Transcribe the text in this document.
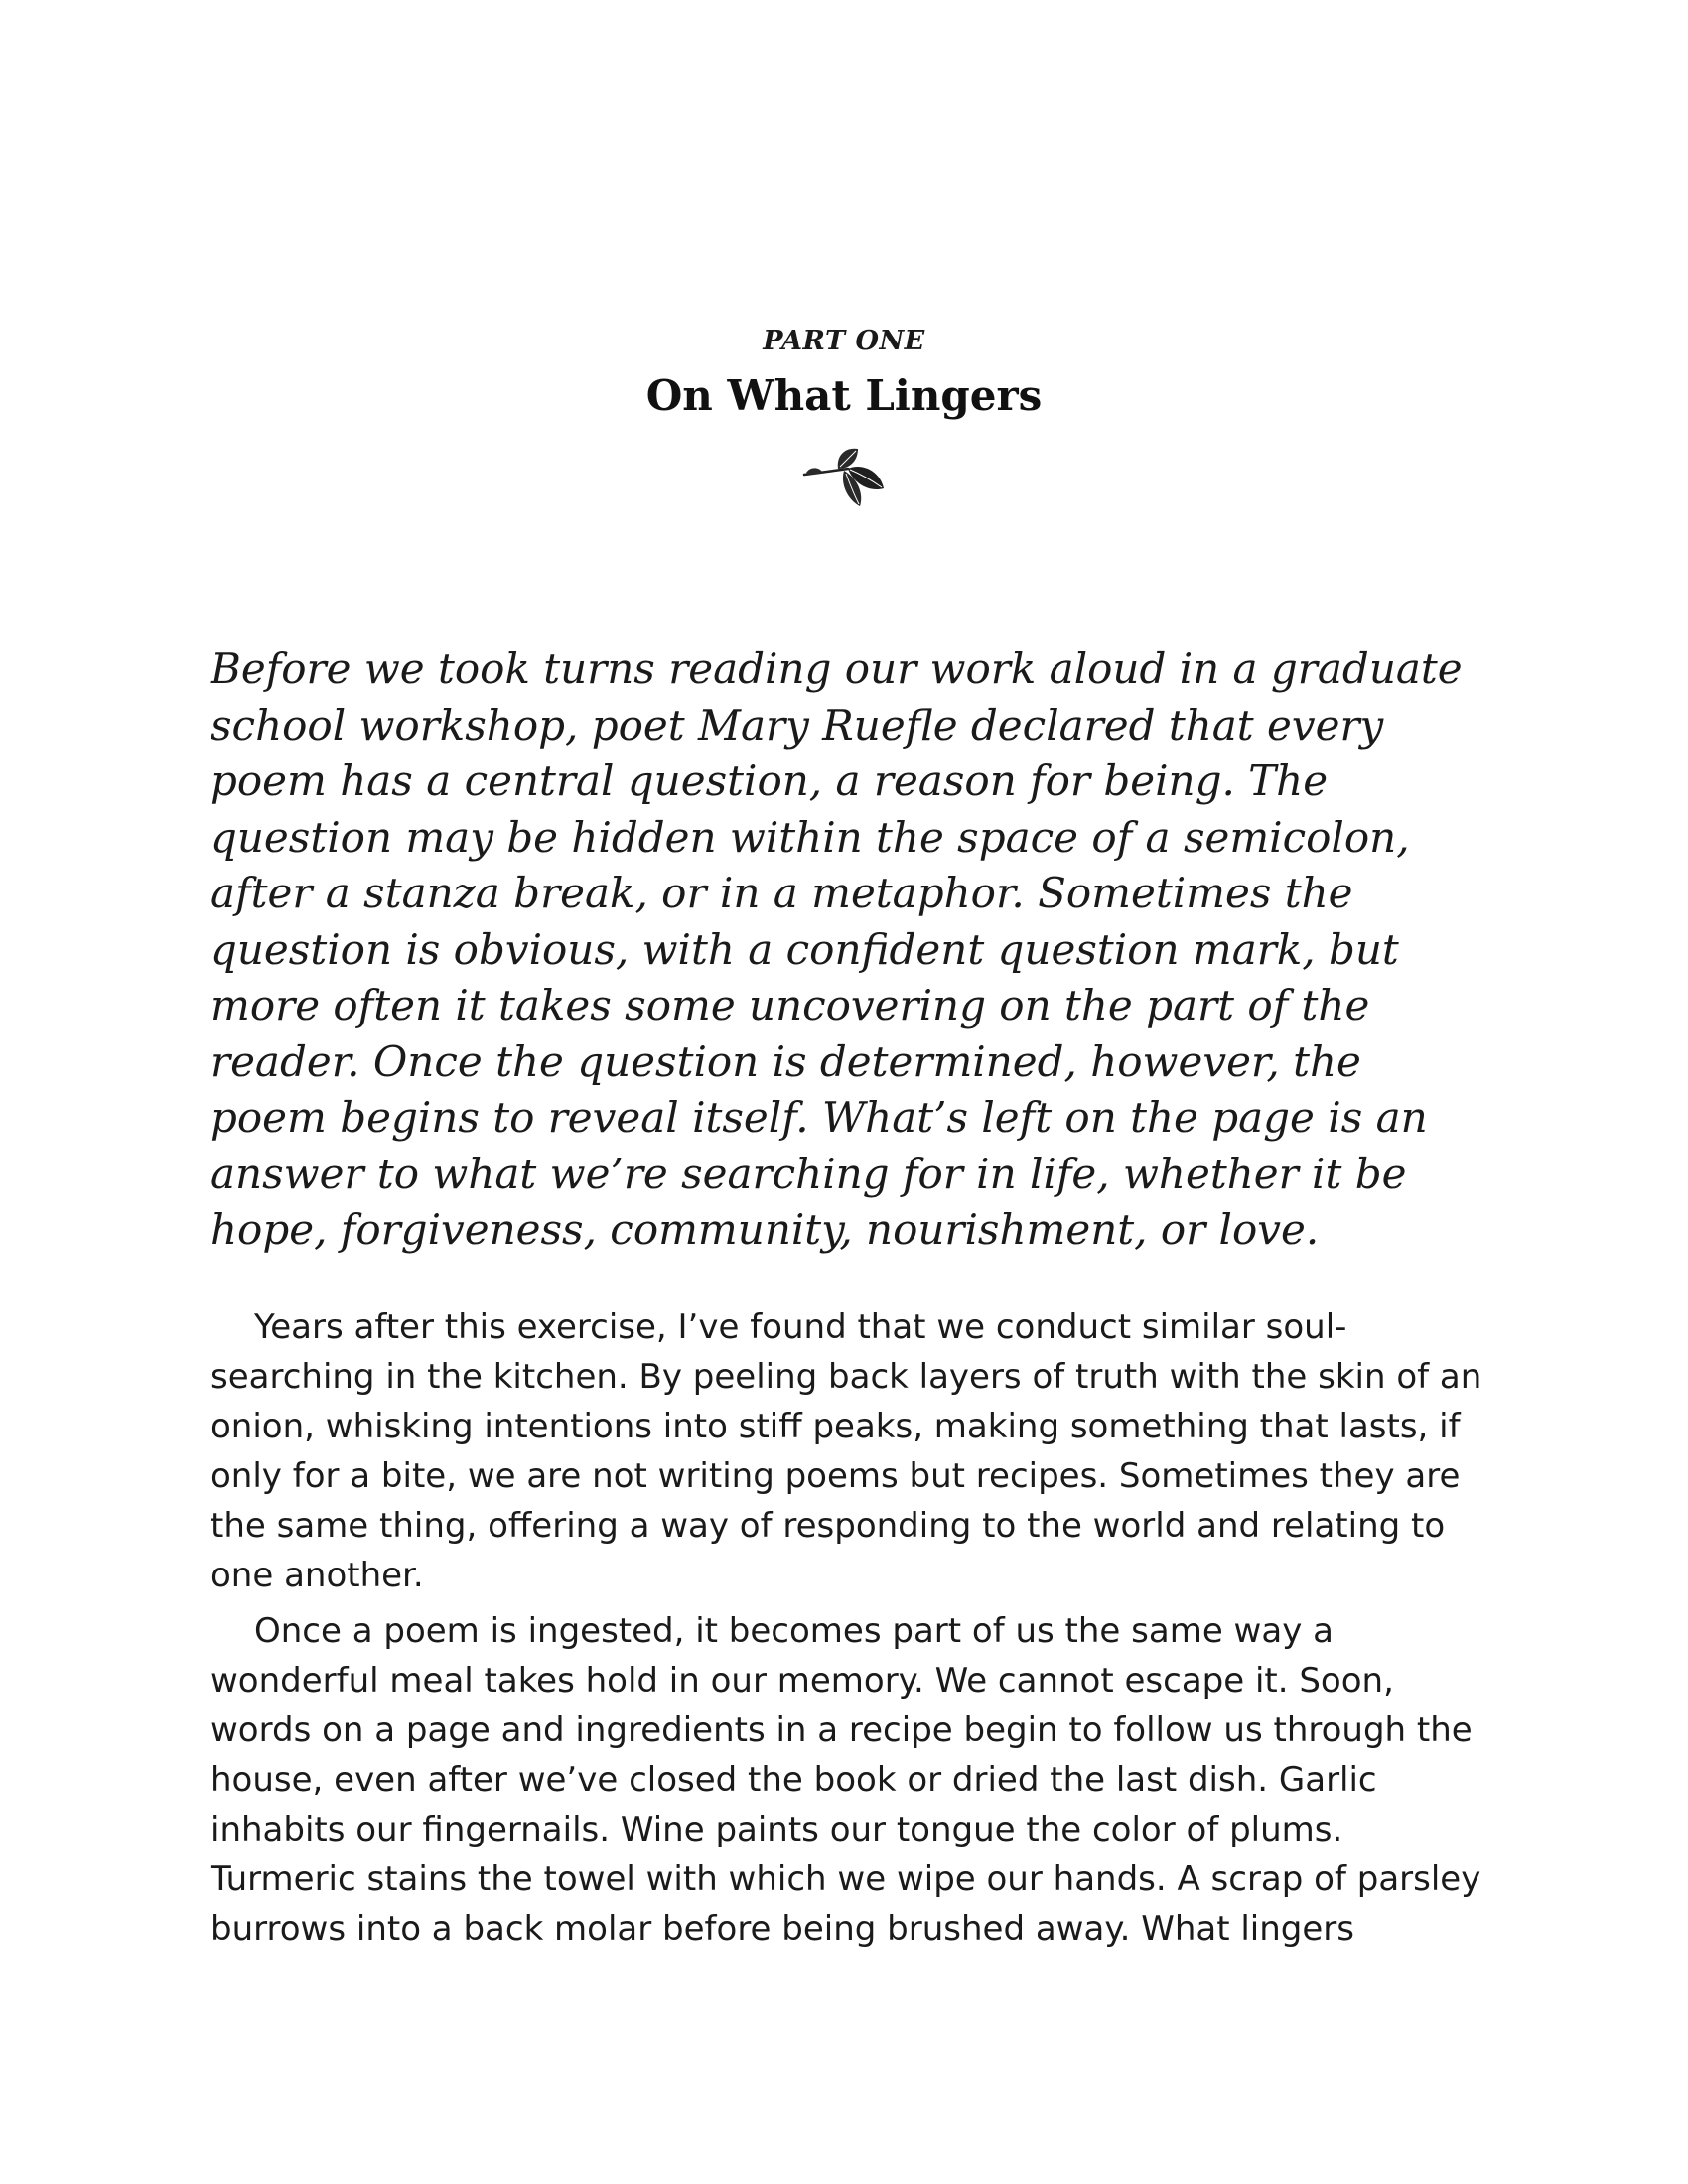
PART ONE
On What Lingers

Before we took turns reading our work aloud in a graduate school workshop, poet Mary Ruefle declared that every poem has a central question, a reason for being. The question may be hidden within the space of a semicolon, after a stanza break, or in a metaphor. Sometimes the question is obvious, with a confident question mark, but more often it takes some uncovering on the part of the reader. Once the question is determined, however, the poem begins to reveal itself. What’s left on the page is an answer to what we’re searching for in life, whether it be hope, forgiveness, community, nourishment, or love.

Years after this exercise, I’ve found that we conduct similar soul-searching in the kitchen. By peeling back layers of truth with the skin of an onion, whisking intentions into stiff peaks, making something that lasts, if only for a bite, we are not writing poems but recipes. Sometimes they are the same thing, offering a way of responding to the world and relating to one another.

Once a poem is ingested, it becomes part of us the same way a wonderful meal takes hold in our memory. We cannot escape it. Soon, words on a page and ingredients in a recipe begin to follow us through the house, even after we’ve closed the book or dried the last dish. Garlic inhabits our fingernails. Wine paints our tongue the color of plums. Turmeric stains the towel with which we wipe our hands. A scrap of parsley burrows into a back molar before being brushed away. What lingers
